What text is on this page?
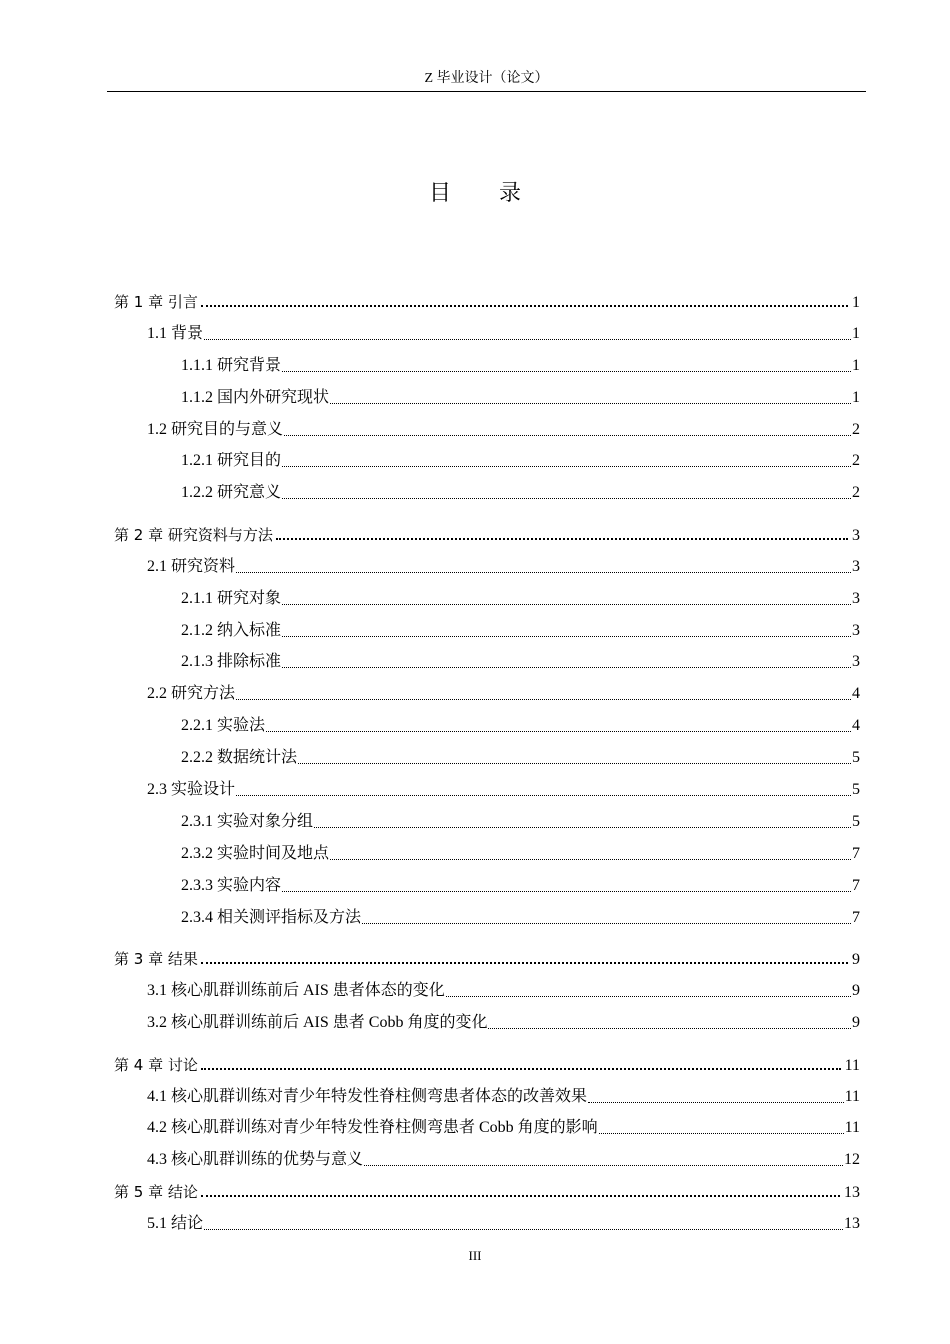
Z 毕业设计（论文）
目录
第 1 章 引言	1
1.1 背景	1
1.1.1 研究背景	1
1.1.2 国内外研究现状	1
1.2 研究目的与意义	2
1.2.1 研究目的	2
1.2.2 研究意义	2
第 2 章 研究资料与方法	3
2.1 研究资料	3
2.1.1 研究对象	3
2.1.2 纳入标准	3
2.1.3 排除标准	3
2.2 研究方法	4
2.2.1 实验法	4
2.2.2 数据统计法	5
2.3 实验设计	5
2.3.1 实验对象分组	5
2.3.2 实验时间及地点	7
2.3.3 实验内容	7
2.3.4 相关测评指标及方法	7
第 3 章 结果	9
3.1 核心肌群训练前后 AIS 患者体态的变化	9
3.2 核心肌群训练前后 AIS 患者 Cobb 角度的变化	9
第 4 章 讨论	11
4.1 核心肌群训练对青少年特发性脊柱侧弯患者体态的改善效果	11
4.2 核心肌群训练对青少年特发性脊柱侧弯患者 Cobb 角度的影响	11
4.3 核心肌群训练的优势与意义	12
第 5 章 结论	13
5.1 结论	13
III
